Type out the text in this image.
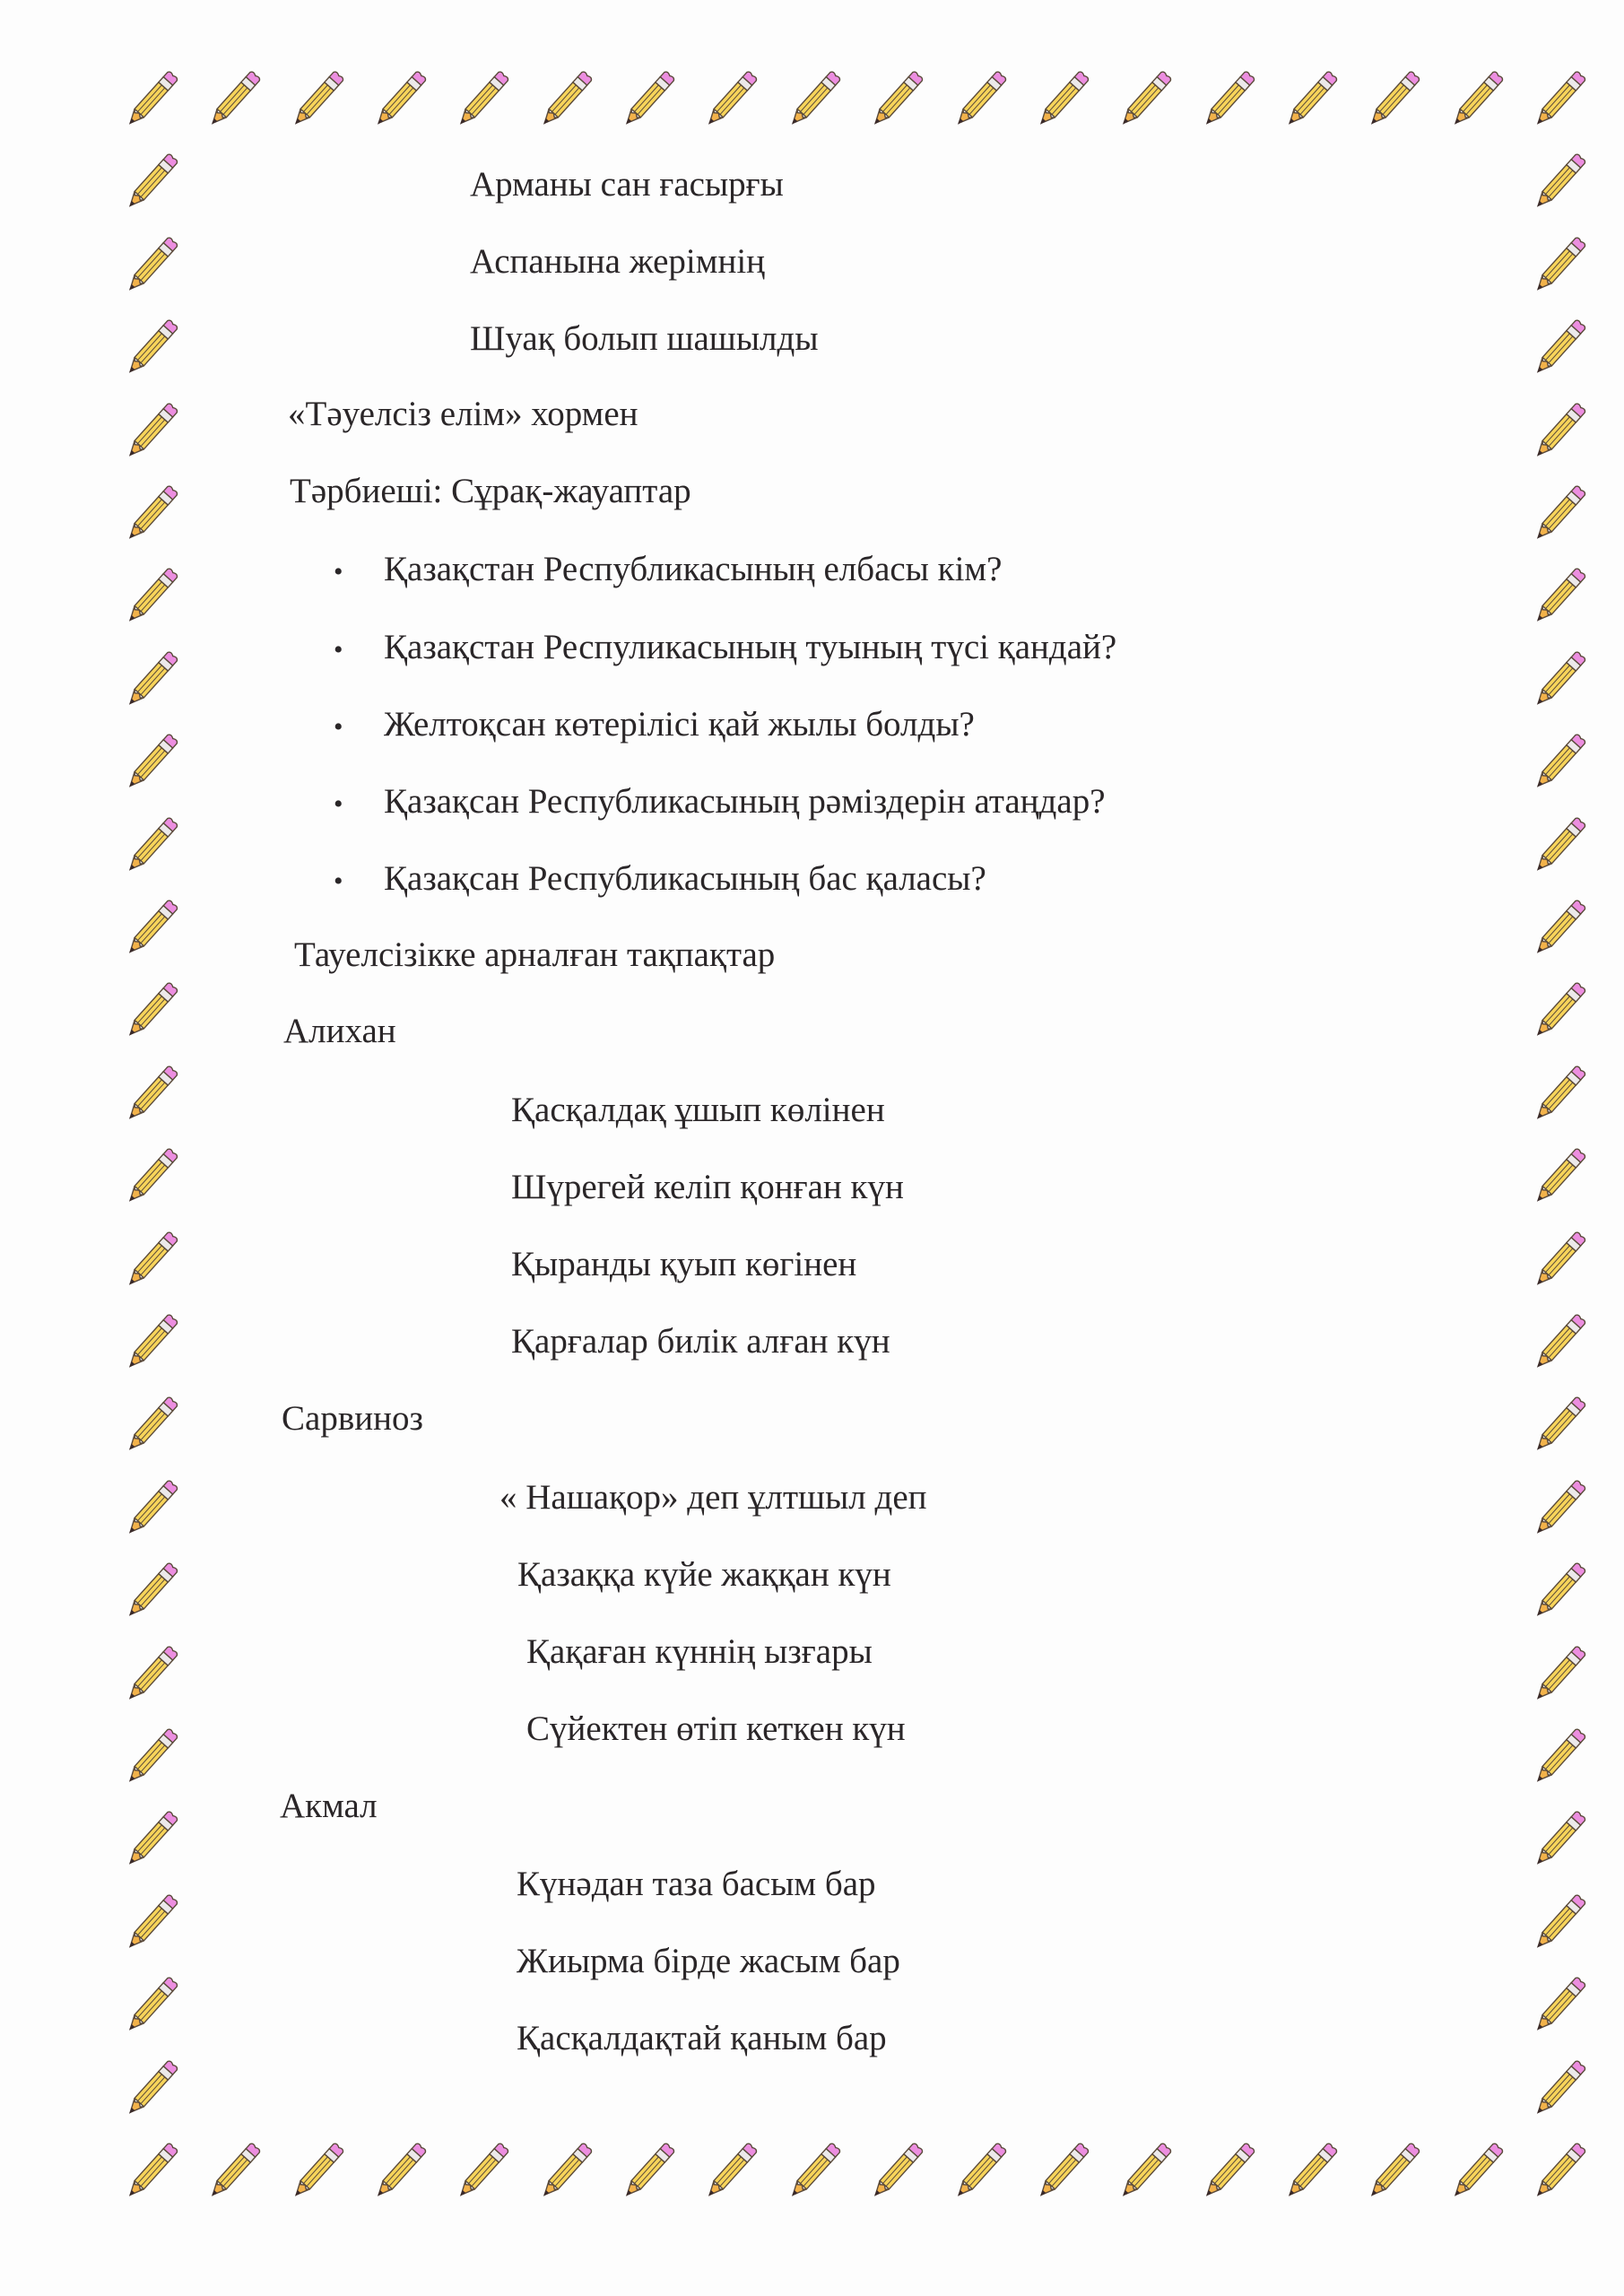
Арманы сан ғасырғы
Аспанына жерімнің
Шуақ болып шашылды
«Тәуелсіз елім» хормен
Тәрбиеші: Сұрақ-жауаптар
• Қазақстан Республикасының елбасы кім?
• Қазақстан Респуликасының туының түсі қандай?
• Желтоқсан көтерілісі қай жылы болды?
• Қазақсан Республикасының рәміздерін атаңдар?
• Қазақсан Республикасының бас қаласы?
Тауелсізікке арналған тақпақтар
Алихан
Қасқалдақ ұшып көлінен
Шүрегей келіп қонған күн
Қыранды қуып көгінен
Қарғалар билік алған күн
Сарвиноз
« Нашақор» деп ұлтшыл деп
Қазаққа күйе жаққан күн
Қақаған күннің ызғары
Сүйектен өтіп кеткен күн
Акмал
Күнәдан таза басым бар
Жиырма бірде жасым бар
Қасқалдақтай қаным бар
